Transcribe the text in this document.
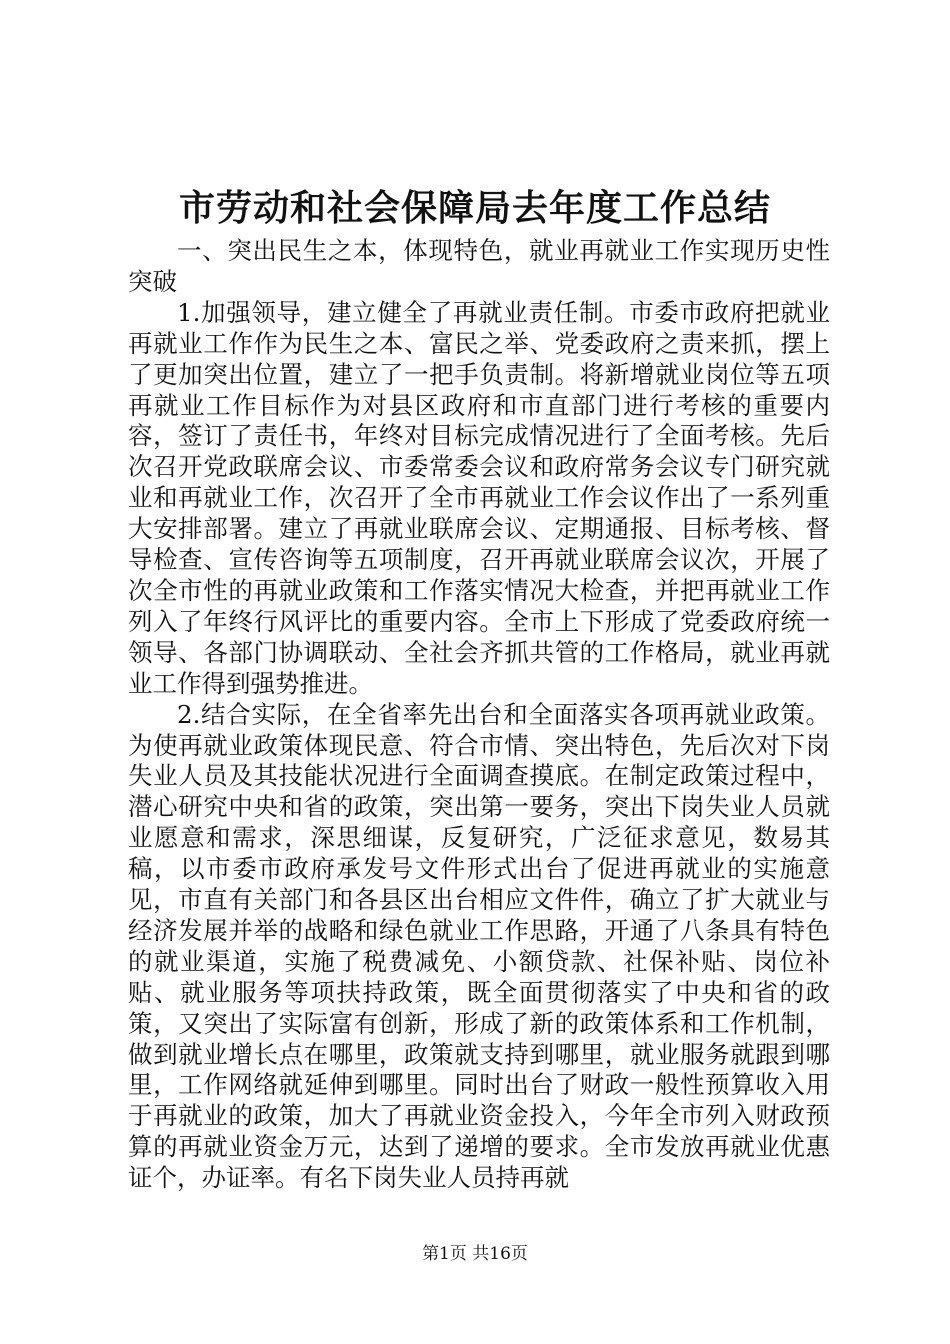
市劳动和社会保障局去年度工作总结

一、突出民生之本，体现特色，就业再就业工作实现历史性突破

1.加强领导，建立健全了再就业责任制。市委市政府把就业再就业工作作为民生之本、富民之举、党委政府之责来抓，摆上了更加突出位置，建立了一把手负责制。将新增就业岗位等五项再就业工作目标作为对县区政府和市直部门进行考核的重要内容，签订了责任书，年终对目标完成情况进行了全面考核。先后次召开党政联席会议、市委常委会议和政府常务会议专门研究就业和再就业工作，次召开了全市再就业工作会议作出了一系列重大安排部署。建立了再就业联席会议、定期通报、目标考核、督导检查、宣传咨询等五项制度，召开再就业联席会议次，开展了次全市性的再就业政策和工作落实情况大检查，并把再就业工作列入了年终行风评比的重要内容。全市上下形成了党委政府统一领导、各部门协调联动、全社会齐抓共管的工作格局，就业再就业工作得到强势推进。

2.结合实际，在全省率先出台和全面落实各项再就业政策。为使再就业政策体现民意、符合市情、突出特色，先后次对下岗失业人员及其技能状况进行全面调查摸底。在制定政策过程中，潜心研究中央和省的政策，突出第一要务，突出下岗失业人员就业愿意和需求，深思细谋，反复研究，广泛征求意见，数易其稿，以市委市政府承发号文件形式出台了促进再就业的实施意见，市直有关部门和各县区出台相应文件件，确立了扩大就业与经济发展并举的战略和绿色就业工作思路，开通了八条具有特色的就业渠道，实施了税费减免、小额贷款、社保补贴、岗位补贴、就业服务等项扶持政策，既全面贯彻落实了中央和省的政策，又突出了实际富有创新，形成了新的政策体系和工作机制，做到就业增长点在哪里，政策就支持到哪里，就业服务就跟到哪里，工作网络就延伸到哪里。同时出台了财政一般性预算收入用于再就业的政策，加大了再就业资金投入，今年全市列入财政预算的再就业资金万元，达到了递增的要求。全市发放再就业优惠证个，办证率。有名下岗失业人员持再就

第1页 共16页
